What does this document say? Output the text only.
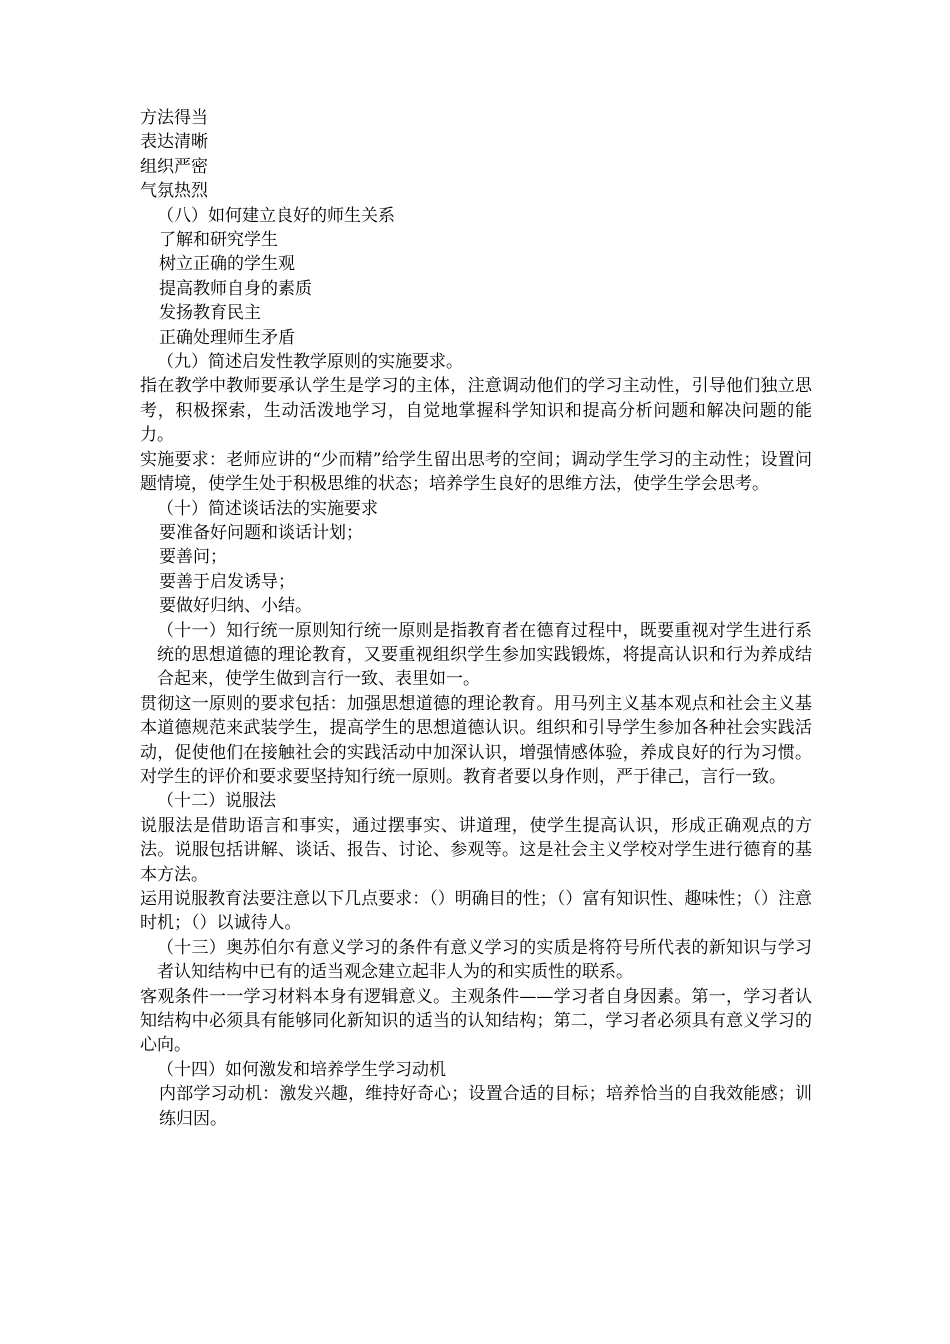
方法得当

表达清晰

组织严密

气氛热烈

（八）如何建立良好的师生关系

了解和研究学生

树立正确的学生观

提高教师自身的素质

发扬教育民主

正确处理师生矛盾

（九）简述启发性教学原则的实施要求。

指在教学中教师要承认学生是学习的主体，注意调动他们的学习主动性，引导他们独立思考，积极探索，生动活泼地学习，自觉地掌握科学知识和提高分析问题和解决问题的能力。

实施要求：老师应讲的“少而精”给学生留出思考的空间；调动学生学习的主动性；设置问题情境，使学生处于积极思维的状态；培养学生良好的思维方法，使学生学会思考。

（十）简述谈话法的实施要求

要准备好问题和谈话计划；

要善问；

要善于启发诱导；

要做好归纳、小结。

（十一）知行统一原则知行统一原则是指教育者在德育过程中，既要重视对学生进行系统的思想道德的理论教育，又要重视组织学生参加实践锻炼，将提高认识和行为养成结合起来，使学生做到言行一致、表里如一。

贯彻这一原则的要求包括：加强思想道德的理论教育。用马列主义基本观点和社会主义基本道德规范来武装学生，提高学生的思想道德认识。组织和引导学生参加各种社会实践活动，促使他们在接触社会的实践活动中加深认识，增强情感体验，养成良好的行为习惯。对学生的评价和要求要坚持知行统一原则。教育者要以身作则，严于律己，言行一致。

（十二）说服法

说服法是借助语言和事实，通过摆事实、讲道理，使学生提高认识，形成正确观点的方法。说服包括讲解、谈话、报告、讨论、参观等。这是社会主义学校对学生进行德育的基本方法。

运用说服教育法要注意以下几点要求：（）明确目的性；（）富有知识性、趣味性；（）注意时机；（）以诚待人。

（十三）奥苏伯尔有意义学习的条件有意义学习的实质是将符号所代表的新知识与学习者认知结构中已有的适当观念建立起非人为的和实质性的联系。

客观条件一一学习材料本身有逻辑意义。主观条件——学习者自身因素。第一，学习者认知结构中必须具有能够同化新知识的适当的认知结构；第二，学习者必须具有意义学习的心向。

（十四）如何激发和培养学生学习动机

内部学习动机：激发兴趣，维持好奇心；设置合适的目标；培养恰当的自我效能感；训练归因。
